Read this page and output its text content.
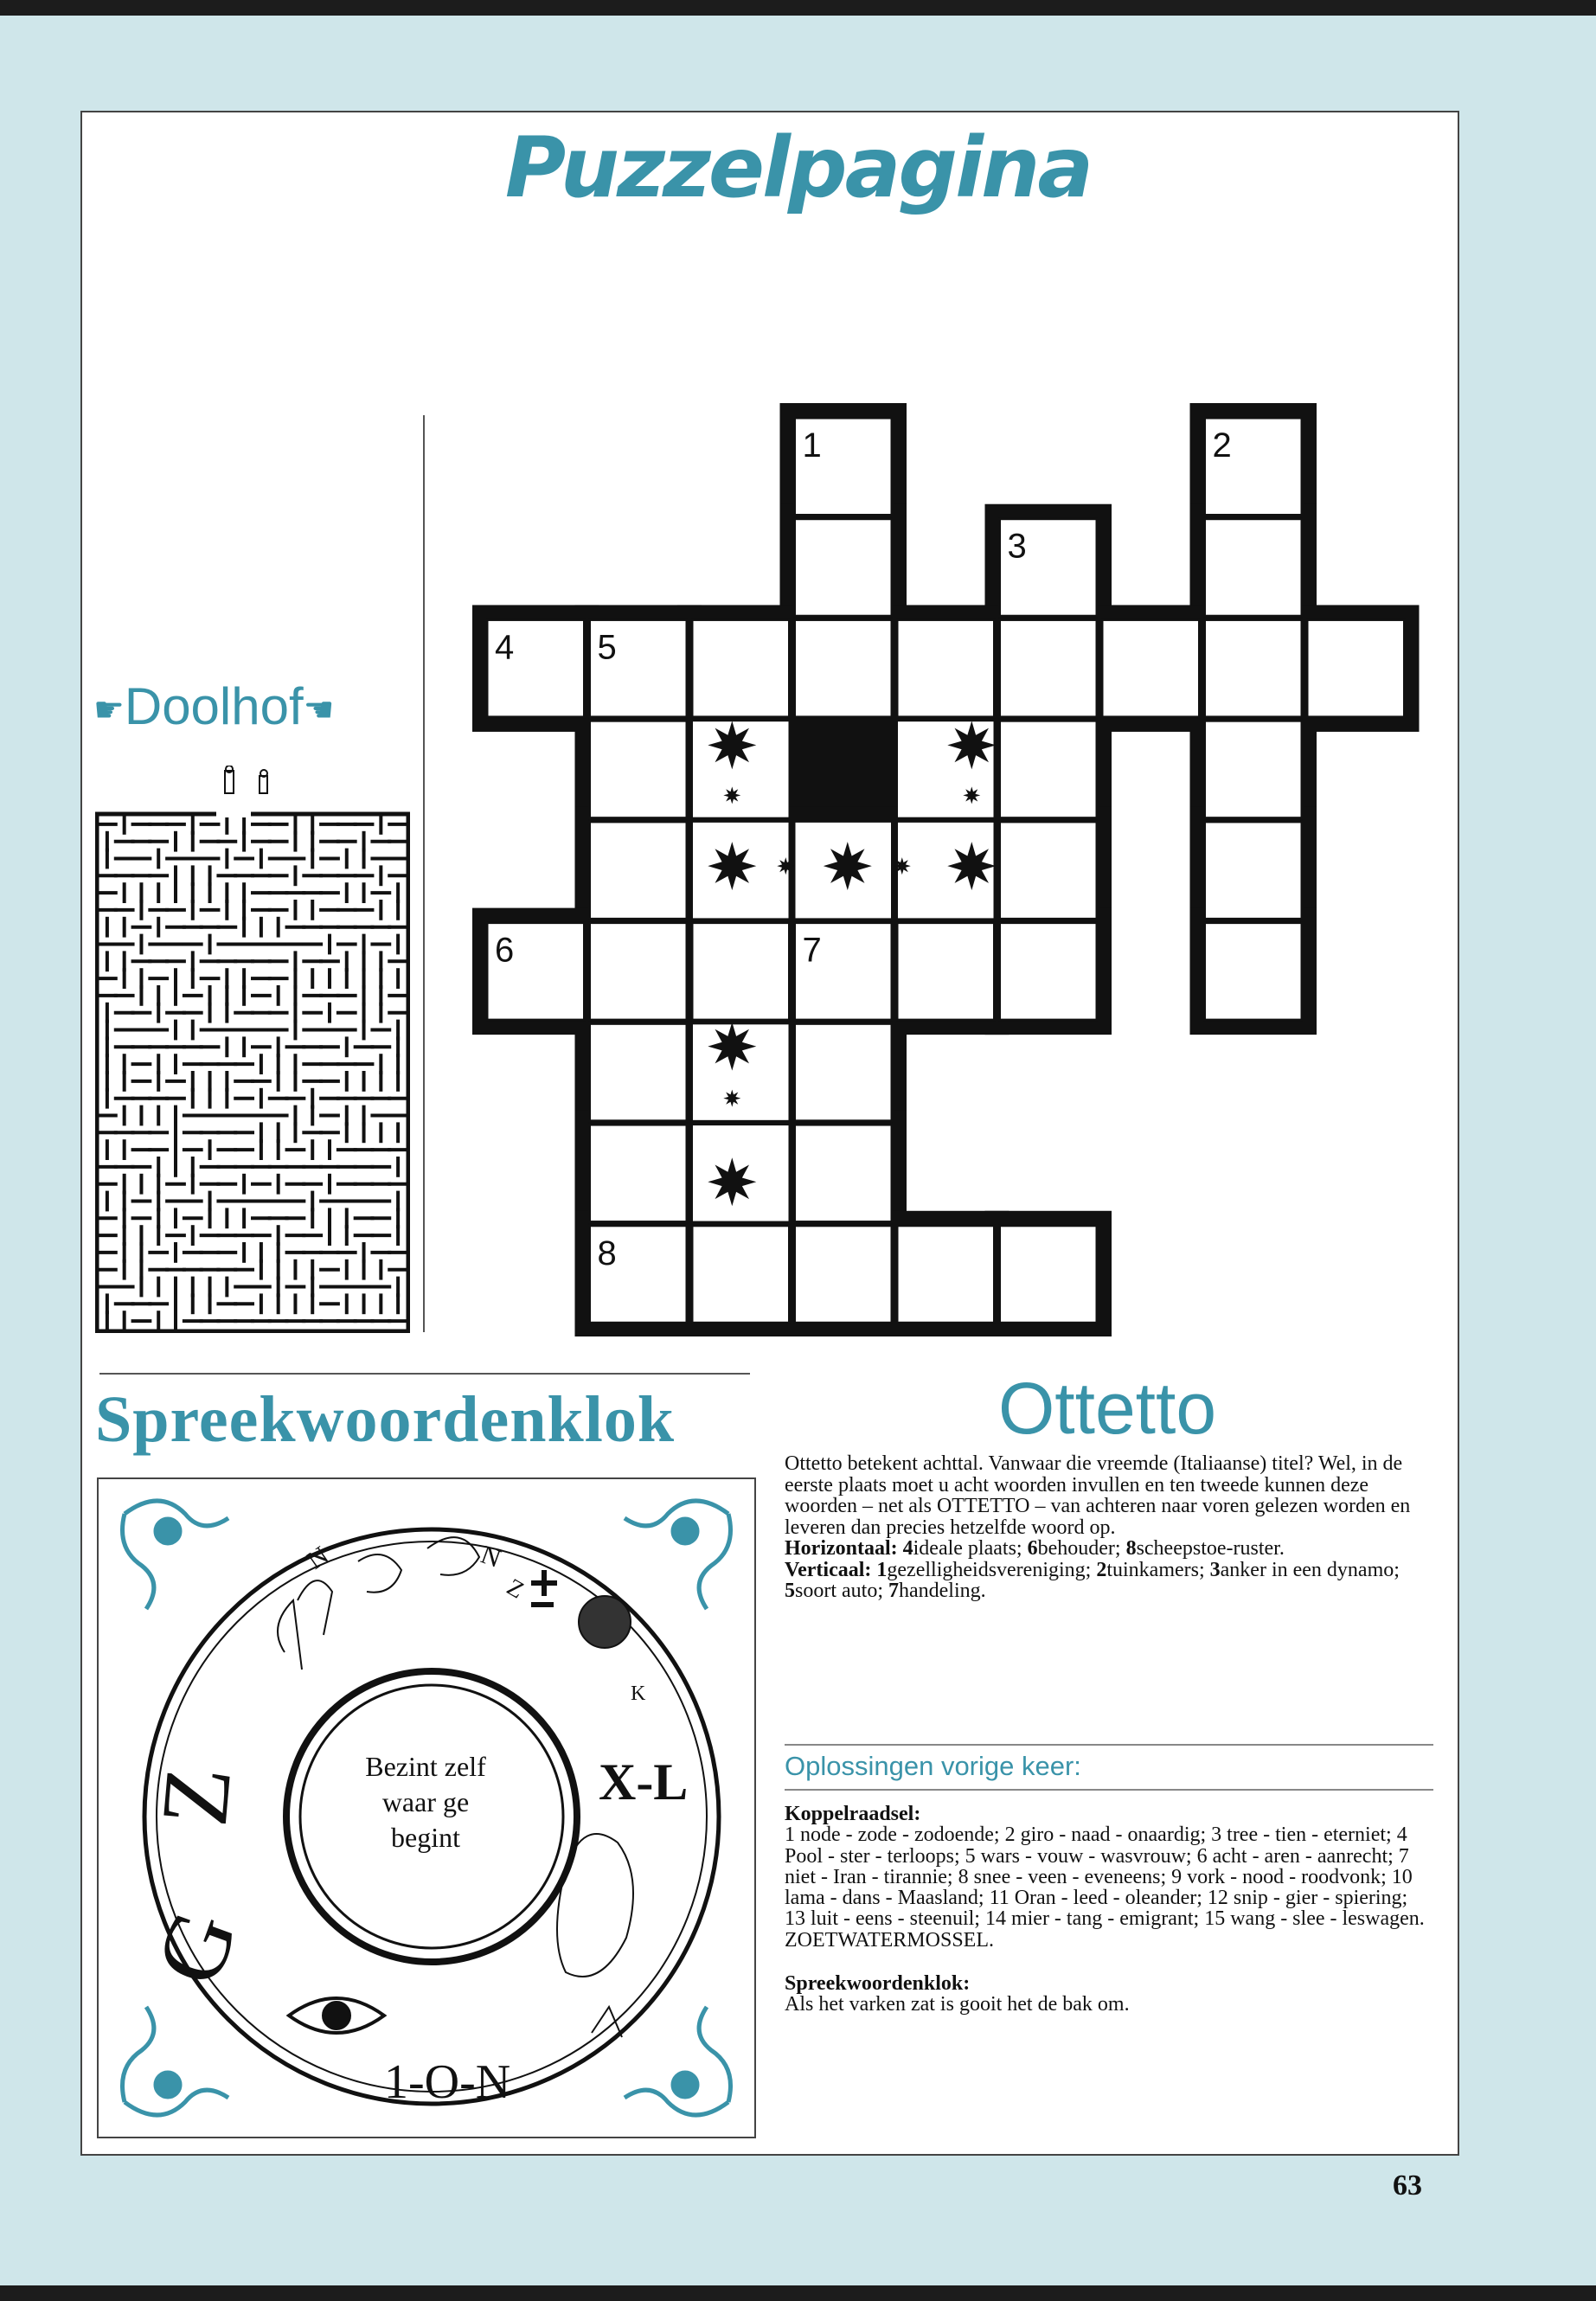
Puzzelpagina
☛Doolhof☚
1	2
3
4 5
6	7
8
Spreekwoordenklok
N	N
Z
K
X-L
1-O-N
G
Z	Bezint zelf
waar ge
begint
Ottetto

Ottetto betekent achttal. Vanwaar die vreemde (Italiaanse) titel? Wel, in de eerste plaats moet u acht woorden invullen en ten tweede kunnen deze woorden – net als OTTETTO – van achteren naar voren gelezen worden en leveren dan precies hetzelfde woord op.

Horizontaal: 4ideale plaats; 6behouder; 8scheepstoe-ruster.

Verticaal: 1gezelligheidsvereniging; 2tuinkamers; 3anker in een dynamo; 5soort auto; 7handeling.

Oplossingen vorige keer:
Koppelraadsel:
1 node - zode - zodoende; 2 giro - naad - onaardig; 3 tree - tien - eterniet; 4 Pool - ster - terloops; 5 wars - vouw - wasvrouw; 6 acht - aren - aanrecht; 7 niet - Iran - tirannie; 8 snee - veen - eveneens; 9 vork - nood - roodvonk; 10 lama - dans - Maasland; 11 Oran - leed - oleander; 12 snip - gier - spiering; 13 luit - eens - steenuil; 14 mier - tang - emigrant; 15 wang - slee - leswagen.
ZOETWATERMOSSEL.
Spreekwoordenklok:
Als het varken zat is gooit het de bak om.
63
